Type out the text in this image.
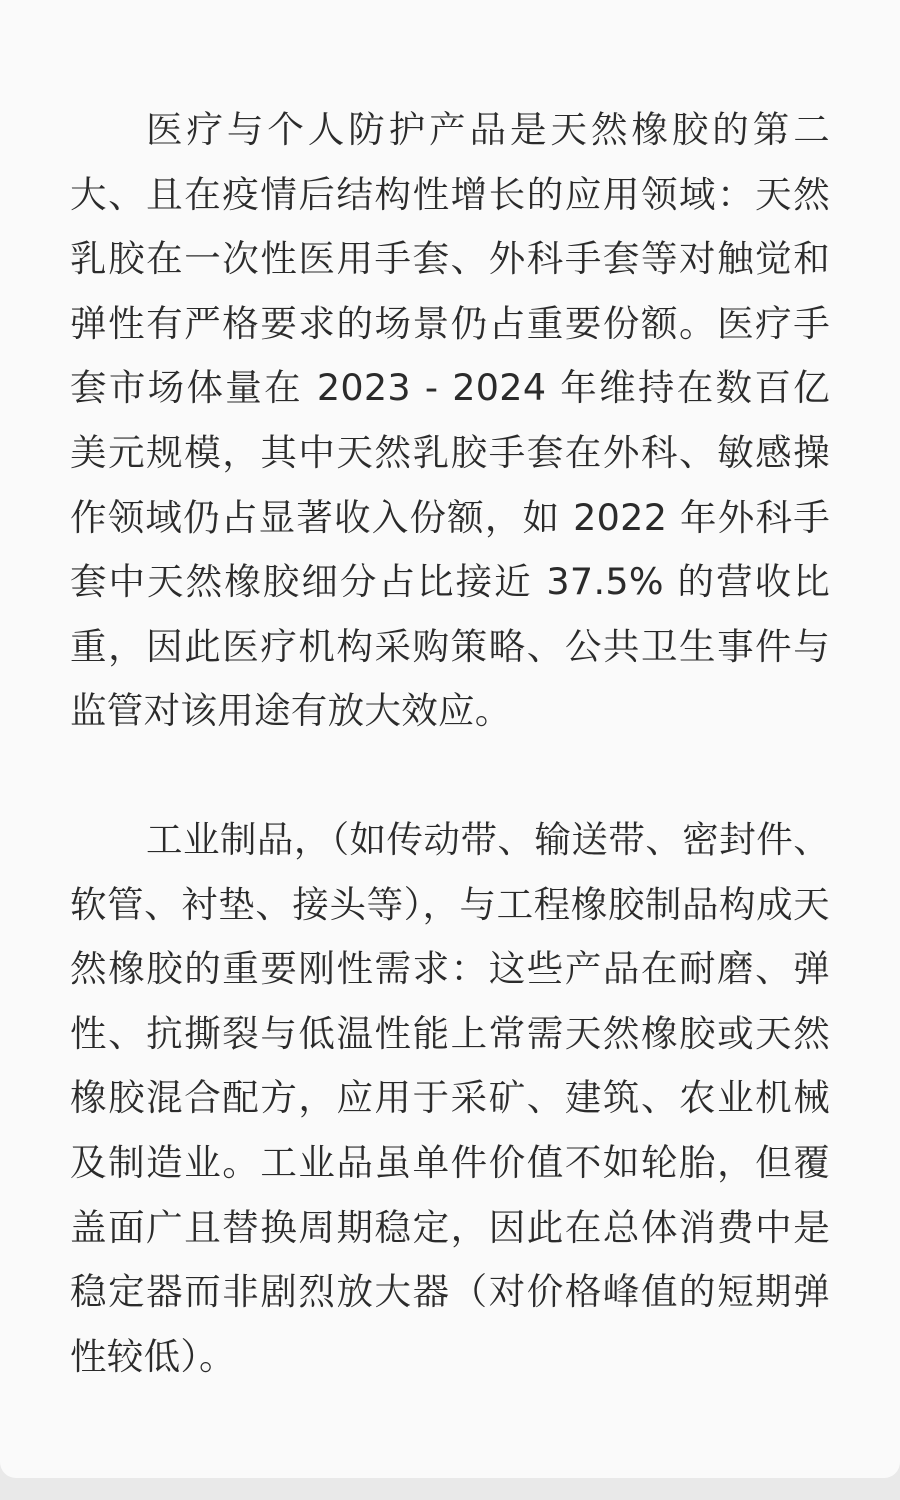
医疗与个人防护产品是天然橡胶的第二大、且在疫情后结构性增长的应用领域：天然乳胶在一次性医用手套、外科手套等对触觉和弹性有严格要求的场景仍占重要份额。医疗手套市场体量在 2023 - 2024 年维持在数百亿美元规模，其中天然乳胶手套在外科、敏感操作领域仍占显著收入份额，如 2022 年外科手套中天然橡胶细分占比接近 37.5% 的营收比重，因此医疗机构采购策略、公共卫生事件与监管对该用途有放大效应。

工业制品，（如传动带、输送带、密封件、软管、衬垫、接头等），与工程橡胶制品构成天然橡胶的重要刚性需求：这些产品在耐磨、弹性、抗撕裂与低温性能上常需天然橡胶或天然橡胶混合配方，应用于采矿、建筑、农业机械及制造业。工业品虽单件价值不如轮胎，但覆盖面广且替换周期稳定，因此在总体消费中是稳定器而非剧烈放大器（对价格峰值的短期弹性较低）。
